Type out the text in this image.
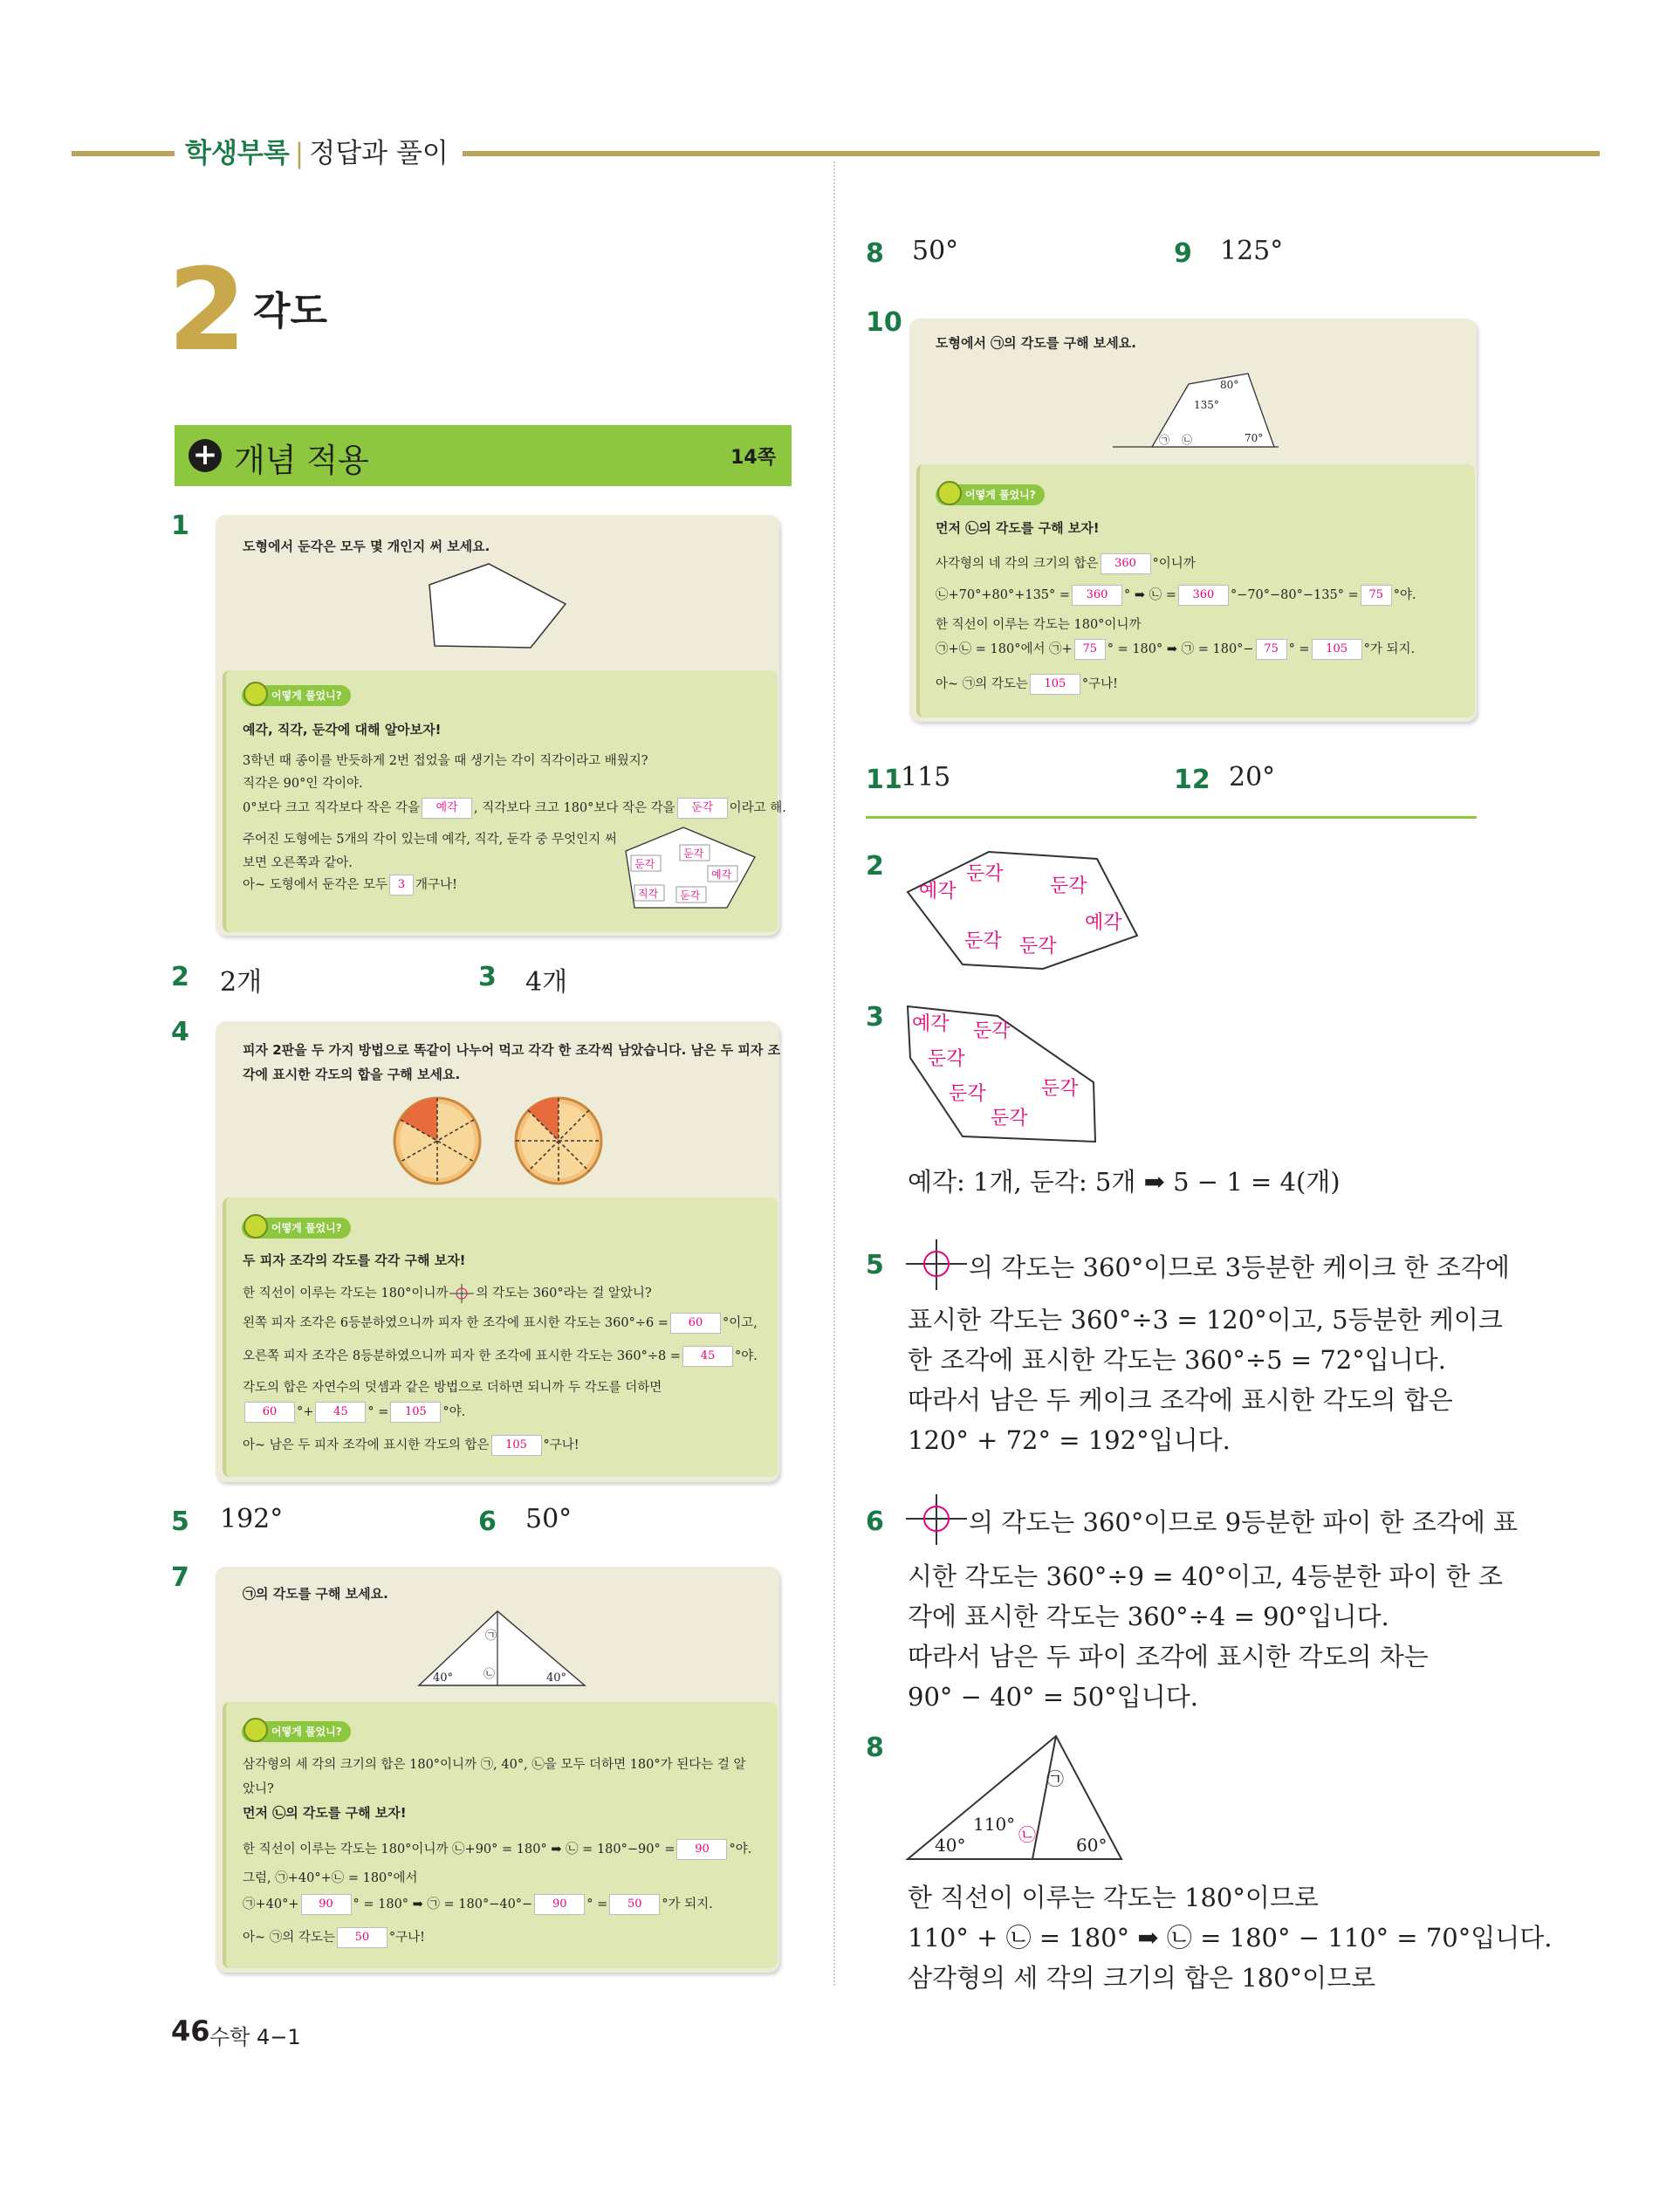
학생부록 | 정답과 풀이
2 각도
+ 개념 적용	14쪽
1
도형에서 둔각은 모두 몇 개인지 써 보세요.
어떻게 풀었니?
예각, 직각, 둔각에 대해 알아보자!
3학년 때 종이를 반듯하게 2번 접었을 때 생기는 각이 직각이라고 배웠지?
직각은 90°인 각이야.
0°보다 크고 직각보다 작은 각을 예각 , 직각보다 크고 180°보다 작은 각을 둔각 이라고 해.
주어진 도형에는 5개의 각이 있는데 예각, 직각, 둔각 중 무엇인지 써
보면 오른쪽과 같아.
아~ 도형에서 둔각은 모두 3 개구나!
둔각
둔각
예각
직각 둔각
2 2개	3 4개
4
피자 2판을 두 가지 방법으로 똑같이 나누어 먹고 각각 한 조각씩 남았습니다. 남은 두 피자 조
각에 표시한 각도의 합을 구해 보세요.
어떻게 풀었니?
두 피자 조각의 각도를 각각 구해 보자!
한 직선이 이루는 각도는 180°이니까 의 각도는 360°라는 걸 알았니?
왼쪽 피자 조각은 6등분하였으니까 피자 한 조각에 표시한 각도는 360°÷6 = 60 °이고,
오른쪽 피자 조각은 8등분하였으니까 피자 한 조각에 표시한 각도는 360°÷8 = 45 °야.
각도의 합은 자연수의 덧셈과 같은 방법으로 더하면 되니까 두 각도를 더하면
60 °+ 45 ° = 105 °야.
아~ 남은 두 피자 조각에 표시한 각도의 합은 105 °구나!
5 192°	6 50°
7
㉠의 각도를 구해 보세요.
40°	40°
㉠
㉡
어떻게 풀었니?
삼각형의 세 각의 크기의 합은 180°이니까 ㉠, 40°, ㉡을 모두 더하면 180°가 된다는 걸 알
았니?
먼저 ㉡의 각도를 구해 보자!
한 직선이 이루는 각도는 180°이니까 ㉡+90° = 180° ➡ ㉡ = 180°−90° = 90 °야.
그럼, ㉠+40°+㉡ = 180°에서
㉠+40°+ 90 ° = 180° ➡ ㉠ = 180°−40°− 90 ° = 50 °가 되지.
아~ ㉠의 각도는 50 °구나!
46 수학 4−1
8 50°	9 125°
10
도형에서 ㉠의 각도를 구해 보세요.
80°
135°
70°
㉠ ㉡
어떻게 풀었니?
먼저 ㉡의 각도를 구해 보자!
사각형의 네 각의 크기의 합은 360 °이니까
㉡+70°+80°+135° = 360 ° ➡ ㉡ = 360 °−70°−80°−135° = 75 °야.
한 직선이 이루는 각도는 180°이니까
㉠+㉡ = 180°에서 ㉠+ 75 ° = 180° ➡ ㉠ = 180°− 75 ° = 105 °가 되지.
아~ ㉠의 각도는 105 °구나!
11
115	12 20°
2
예각
둔각
둔각
예각
둔각 둔각
3 예각 둔각
둔각
둔각
둔각
둔각
예각: 1개, 둔각: 5개 ➡ 5 − 1 = 4(개)
5	의 각도는 360°이므로 3등분한 케이크 한 조각에
표시한 각도는 360°÷3 = 120°이고, 5등분한 케이크
한 조각에 표시한 각도는 360°÷5 = 72°입니다.
따라서 남은 두 케이크 조각에 표시한 각도의 합은
120° + 72° = 192°입니다.
6	의 각도는 360°이므로 9등분한 파이 한 조각에 표
시한 각도는 360°÷9 = 40°이고, 4등분한 파이 한 조
각에 표시한 각도는 360°÷4 = 90°입니다.
따라서 남은 두 파이 조각에 표시한 각도의 차는
90° − 40° = 50°입니다.
8
40°
110°
60°
㉠
㉡
한 직선이 이루는 각도는 180°이므로
110° + ㉡ = 180° ➡ ㉡ = 180° − 110° = 70°입니다.
삼각형의 세 각의 크기의 합은 180°이므로
